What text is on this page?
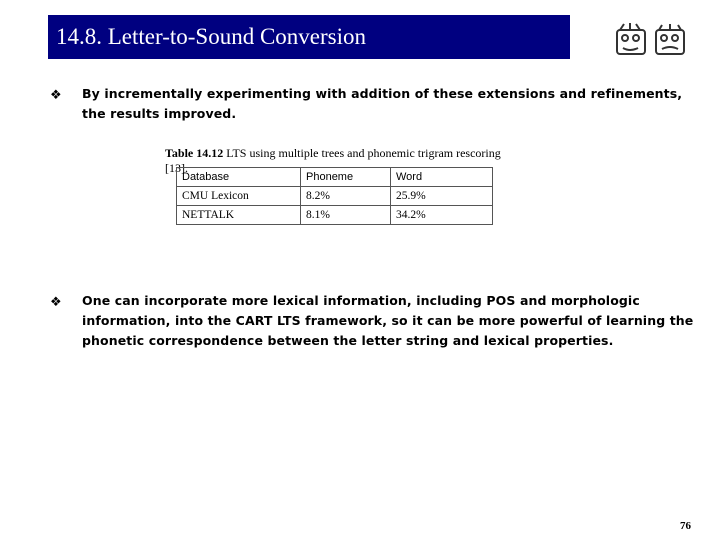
14.8. Letter-to-Sound Conversion
❖ By incrementally experimenting with addition of these extensions and refinements, the results improved.
Table 14.12 LTS using multiple trees and phonemic trigram rescoring [13].
Database	Phoneme	Word
CMU Lexicon	8.2%	25.9%
NETTALK	8.1%	34.2%
❖ One can incorporate more lexical information, including POS and morphologic information, into the CART LTS framework, so it can be more powerful of learning the phonetic correspondence between the letter string and lexical properties.
76
